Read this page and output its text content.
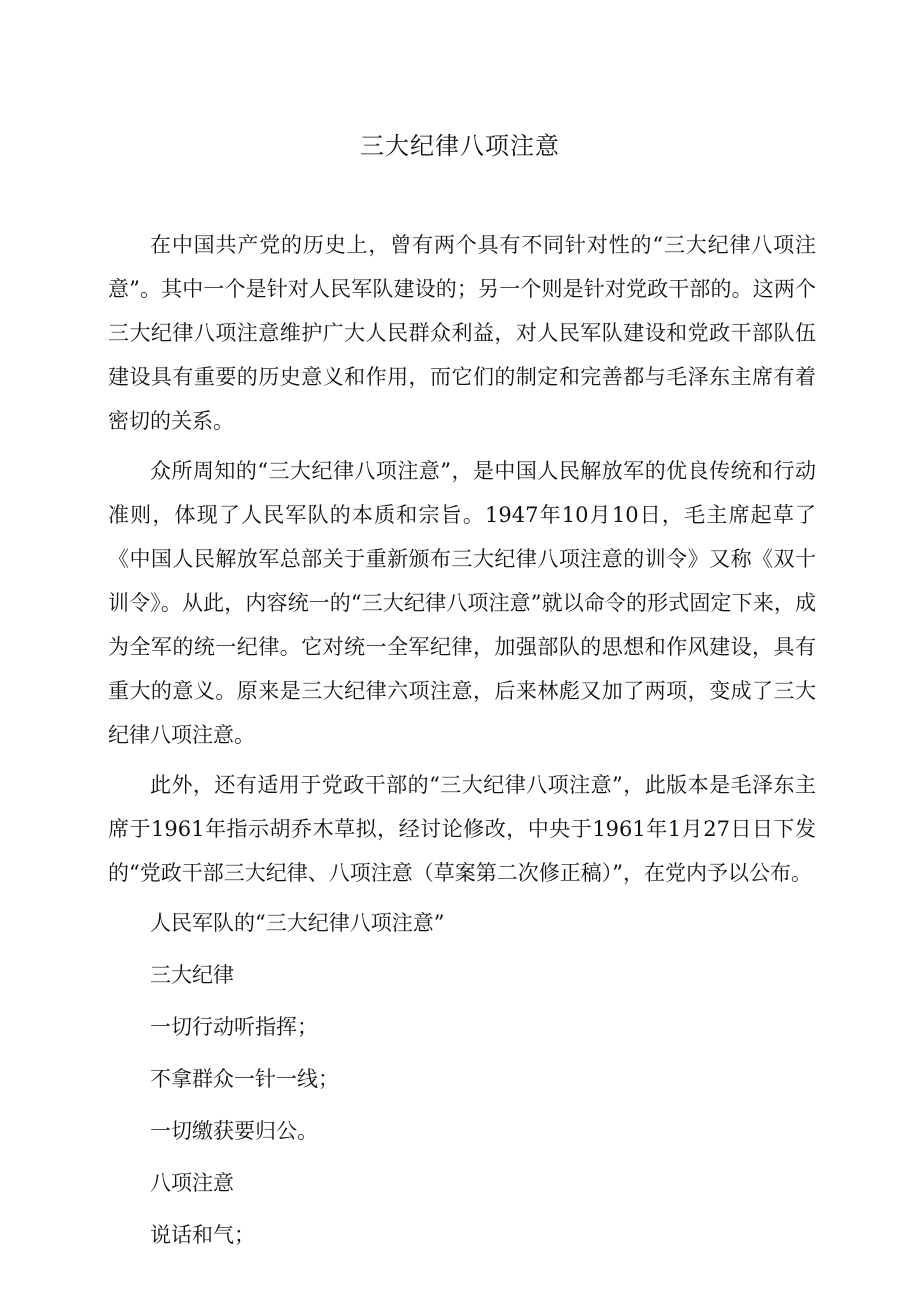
三大纪律八项注意

在中国共产党的历史上，曾有两个具有不同针对性的“三大纪律八项注意”。其中一个是针对人民军队建设的；另一个则是针对党政干部的。这两个三大纪律八项注意维护广大人民群众利益，对人民军队建设和党政干部队伍建设具有重要的历史意义和作用，而它们的制定和完善都与毛泽东主席有着密切的关系。

众所周知的“三大纪律八项注意”，是中国人民解放军的优良传统和行动准则，体现了人民军队的本质和宗旨。1947年10月10日，毛主席起草了《中国人民解放军总部关于重新颁布三大纪律八项注意的训令》又称《双十训令》。从此，内容统一的“三大纪律八项注意”就以命令的形式固定下来，成为全军的统一纪律。它对统一全军纪律，加强部队的思想和作风建设，具有重大的意义。原来是三大纪律六项注意，后来林彪又加了两项，变成了三大纪律八项注意。

此外，还有适用于党政干部的“三大纪律八项注意”，此版本是毛泽东主席于1961年指示胡乔木草拟，经讨论修改，中央于1961年1月27日日下发的“党政干部三大纪律、八项注意（草案第二次修正稿）”，在党内予以公布。

人民军队的“三大纪律八项注意”
三大纪律
一切行动听指挥；
不拿群众一针一线；
一切缴获要归公。
八项注意
说话和气；
